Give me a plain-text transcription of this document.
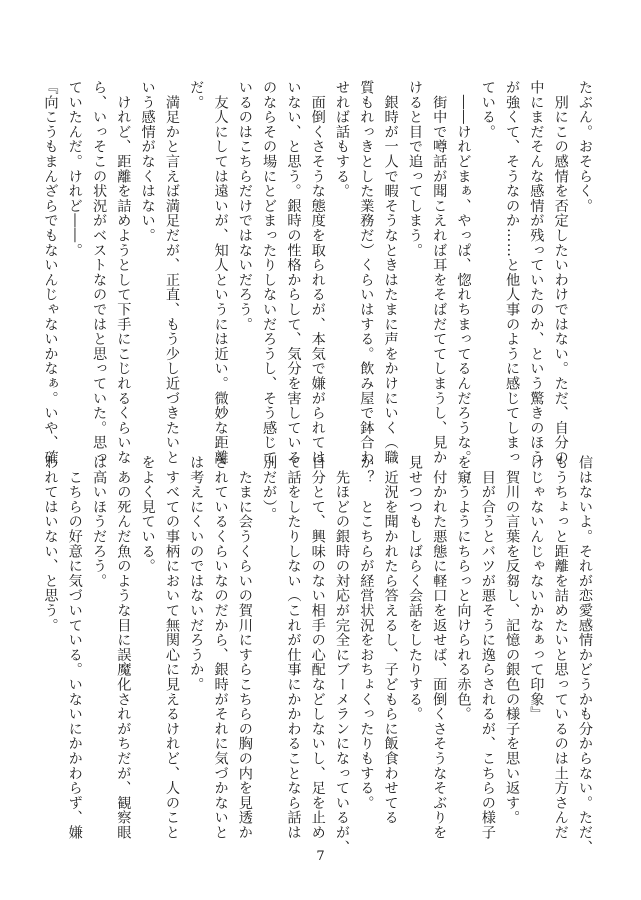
たぶん。おそらく。
　別にこの感情を否定したいわけではない。ただ、自分の
中にまだそんな感情が残っていたのか、という驚きのほう
が強くて、そうなのか……と他人事のように感じてしまっ
ている。
　――けれどまぁ、やっぱ、惚れちまってるんだろうな。
　街中で噂話が聞こえれば耳をそばだててしまうし、見か
けると目で追ってしまう。
　銀時が一人で暇そうなときはたまに声をかけにいく（職
質もれっきとした業務だ）くらいはする。飲み屋で鉢合わ
せれば話もする。
　面倒くさそうな態度を取られるが、本気で嫌がられては
いない、と思う。銀時の性格からして、気分を害している
のならその場にとどまったりしないだろうし、そう感じて
いるのはこちらだけではないだろう。
　友人にしては遠いが、知人というには近い。微妙な距離
だ。
　満足かと言えば満足だが、正直、もう少し近づきたいと
いう感情がなくはない。
　けれど、距離を詰めようとして下手にこじれるくらいな
ら、いっそこの状況がベストなのではと思っていた。思っ
ていたんだ。けれど――。
『向こうもまんざらでもないんじゃないかなぁ。いや、確
信はないよ。それが恋愛感情かどうかも分からない。ただ、
もうちょっと距離を詰めたいと思っているのは土方さんだ
けじゃないんじゃないかなぁって印象』
　賀川の言葉を反芻し、記憶の銀色の様子を思い返す。
　目が合うとバツが悪そうに逸らされるが、こちらの様子
を窺うようにちらっと向けられる赤色。
　付かれた悪態に軽口を返せば、面倒くさそうなそぶりを
見せつつもしばらく会話をしたりする。
　近況を聞かれたら答えるし、子どもらに飯食わせてる
か？　とこちらが経営状況をおちょくったりもする。
　先ほどの銀時の対応が完全にブーメランになっているが、
自分とて、興味のない相手の心配などしないし、足を止め
て話をしたりしない（これが仕事にかかわることなら話は
別だが）。
　たまに会うくらいの賀川にすらこちらの胸の内を見透か
されているくらいなのだから、銀時がそれに気づかないと
は考えにくいのではないだろうか。
　すべての事柄において無関心に見えるけれど、人のこと
をよく見ている。
　あの死んだ魚のような目に誤魔化されがちだが、観察眼
は高いほうだろう。
　こちらの好意に気づいている。いないにかかわらず、嫌
われてはいない、と思う。
7
